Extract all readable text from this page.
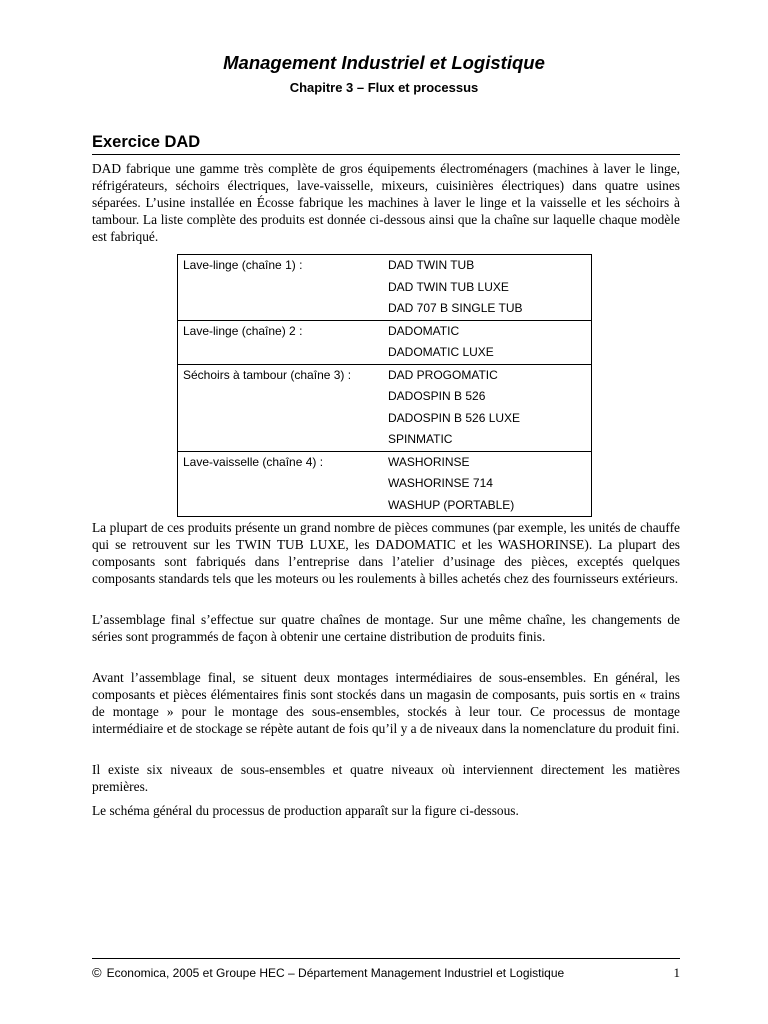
Management Industriel et Logistique
Chapitre 3 – Flux et processus
Exercice DAD

DAD fabrique une gamme très complète de gros équipements électroménagers (machines à laver le linge, réfrigérateurs, séchoirs électriques, lave-vaisselle, mixeurs, cuisinières électriques) dans quatre usines séparées. L’usine installée en Écosse fabrique les machines à laver le linge et la vaisselle et les séchoirs à tambour. La liste complète des produits est donnée ci-dessous ainsi que la chaîne sur laquelle chaque modèle est fabriqué.

Lave-linge (chaîne 1) :	DAD TWIN TUB
DAD TWIN TUB LUXE
DAD 707 B SINGLE TUB

Lave-linge (chaîne) 2 :	DADOMATIC
DADOMATIC LUXE

Séchoirs à tambour (chaîne 3) :	DAD PROGOMATIC
DADOSPIN B 526
DADOSPIN B 526 LUXE
SPINMATIC

Lave-vaisselle (chaîne 4) :	WASHORINSE
WASHORINSE 714
WASHUP (PORTABLE)

La plupart de ces produits présente un grand nombre de pièces communes (par exemple, les unités de chauffe qui se retrouvent sur les TWIN TUB LUXE, les DADOMATIC et les WASHORINSE). La plupart des composants sont fabriqués dans l’entreprise dans l’atelier d’usinage des pièces, exceptés quelques composants standards tels que les moteurs ou les roulements à billes achetés chez des fournisseurs extérieurs.

L’assemblage final s’effectue sur quatre chaînes de montage. Sur une même chaîne, les changements de séries sont programmés de façon à obtenir une certaine distribution de produits finis.

Avant l’assemblage final, se situent deux montages intermédiaires de sous-ensembles. En général, les composants et pièces élémentaires finis sont stockés dans un magasin de composants, puis sortis en « trains de montage » pour le montage des sous-ensembles, stockés à leur tour. Ce processus de montage intermédiaire et de stockage se répète autant de fois qu’il y a de niveaux dans la nomenclature du produit fini.

Il existe six niveaux de sous-ensembles et quatre niveaux où interviennent directement les matières premières.

Le schéma général du processus de production apparaît sur la figure ci-dessous.

© Economica, 2005 et Groupe HEC – Département Management Industriel et Logistique	1
